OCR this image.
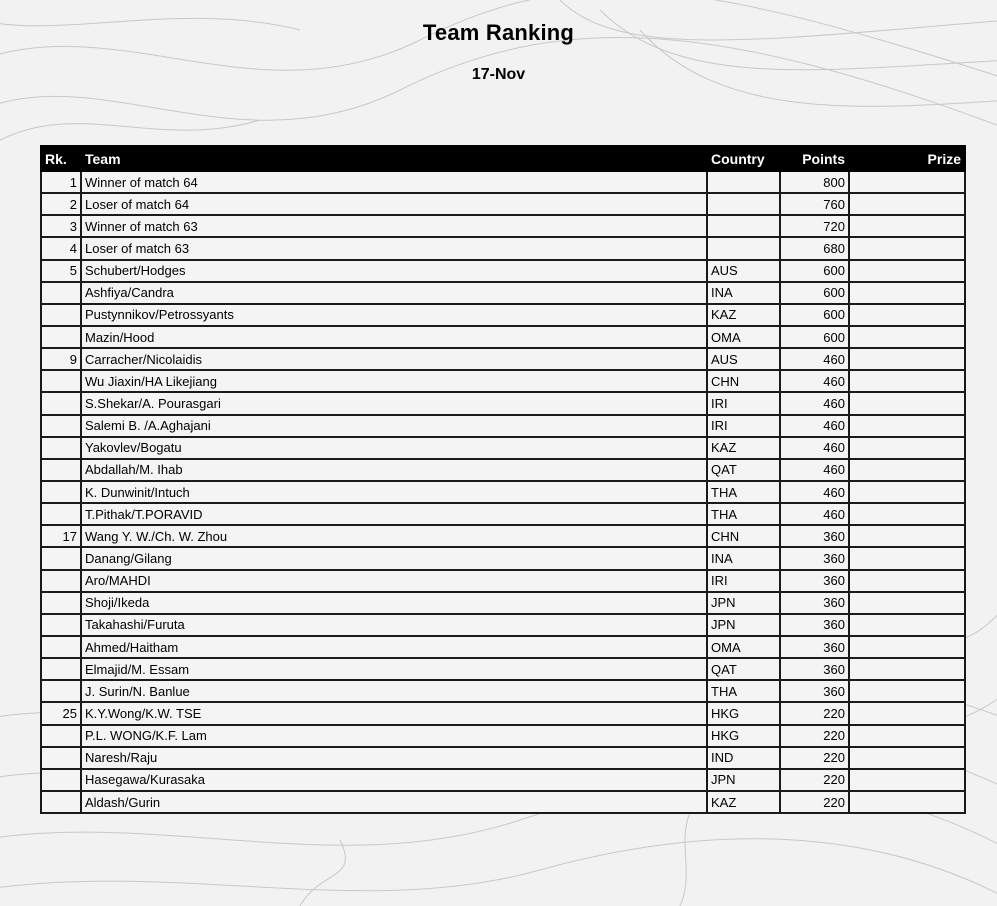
Team Ranking
17-Nov
Rk.	Team	Country	Points	Prize
1	Winner of match 64		800	
2	Loser of match 64		760	
3	Winner of match 63		720	
4	Loser of match 63		680	
5	Schubert/Hodges	AUS	600	
	Ashfiya/Candra	INA	600	
	Pustynnikov/Petrossyants	KAZ	600	
	Mazin/Hood	OMA	600	
9	Carracher/Nicolaidis	AUS	460	
	Wu Jiaxin/HA Likejiang	CHN	460	
	S.Shekar/A. Pourasgari	IRI	460	
	Salemi B. /A.Aghajani	IRI	460	
	Yakovlev/Bogatu	KAZ	460	
	Abdallah/M. Ihab	QAT	460	
	K. Dunwinit/Intuch	THA	460	
	T.Pithak/T.PORAVID	THA	460	
17	Wang Y. W./Ch. W. Zhou	CHN	360	
	Danang/Gilang	INA	360	
	Aro/MAHDI	IRI	360	
	Shoji/Ikeda	JPN	360	
	Takahashi/Furuta	JPN	360	
	Ahmed/Haitham	OMA	360	
	Elmajid/M. Essam	QAT	360	
	J. Surin/N. Banlue	THA	360	
25	K.Y.Wong/K.W. TSE	HKG	220	
	P.L. WONG/K.F. Lam	HKG	220	
	Naresh/Raju	IND	220	
	Hasegawa/Kurasaka	JPN	220	
	Aldash/Gurin	KAZ	220	
